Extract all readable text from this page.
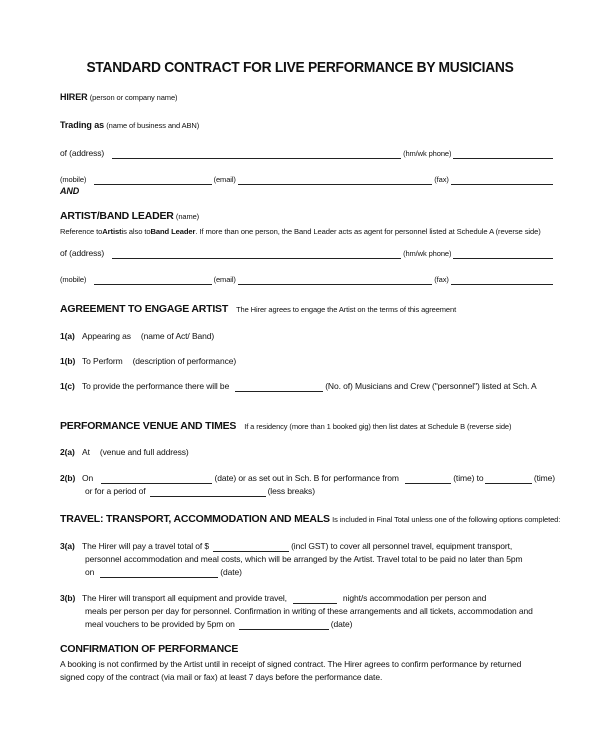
STANDARD CONTRACT FOR LIVE PERFORMANCE BY MUSICIANS
HIRER
(person or company name)
Trading as
(name of business and ABN)
of (address)	(hm/wk phone)
(mobile)	(email)	(fax)
AND
ARTIST/BAND LEADER
(name)
Reference to Artist is also to Band Leader . If more than one person, the Band Leader acts as agent for personnel listed at Schedule A (reverse side)
of (address)	(hm/wk phone)
(mobile)	(email)	(fax)
AGREEMENT TO ENGAGE ARTIST The Hirer agrees to engage the Artist on the terms of this agreement
1(a) Appearing as (name of Act/ Band)
1(b) To Perform (description of performance)
1(c) To provide the performance there will be	(No. of) Musicians and Crew ("personnel") listed at Sch. A
PERFORMANCE VENUE AND TIMES If a residency (more than 1 booked gig) then list dates at Schedule B (reverse side)
2(a) At (venue and full address)
2(b) On	(date) or as set out in Sch. B for performance from	(time) to	(time)
or for a period of	(less breaks)
TRAVEL: TRANSPORT, ACCOMMODATION AND MEALS
Is included in Final Total unless one of the following options completed:
3(a) The Hirer will pay a travel total of $	(incl GST) to cover all personnel travel, equipment transport,
personnel accommodation and meal costs, which will be arranged by the Artist. Travel total to be paid no later than 5pm
on	(date)
3(b) The Hirer will transport all equipment and provide travel,	night/s accommodation per person and
meals per person per day for personnel. Confirmation in writing of these arrangements and all tickets, accommodation and
meal vouchers to be provided by 5pm on	(date)
CONFIRMATION OF PERFORMANCE
A booking is not confirmed by the Artist until in receipt of signed contract. The Hirer agrees to confirm performance by returned
signed copy of the contract (via mail or fax) at least 7 days before the performance date.
